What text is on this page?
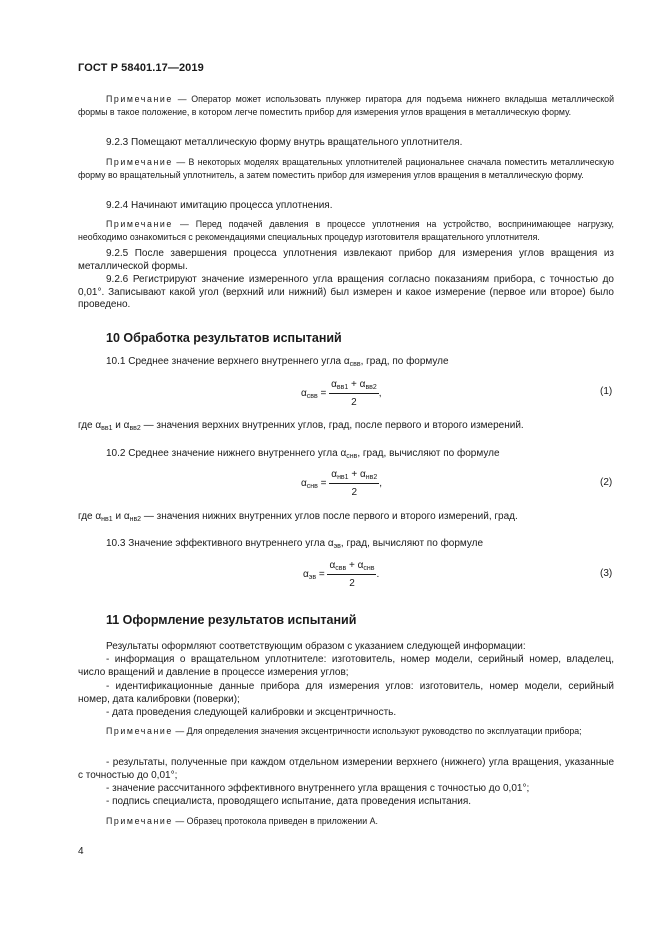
ГОСТ Р 58401.17—2019
Примечание — Оператор может использовать плунжер гиратора для подъема нижнего вкладыша металлической формы в такое положение, в котором легче поместить прибор для измерения углов вращения в металлическую форму.
9.2.3 Помещают металлическую форму внутрь вращательного уплотнителя.
Примечание — В некоторых моделях вращательных уплотнителей рациональнее сначала поместить металлическую форму во вращательный уплотнитель, а затем поместить прибор для измерения углов вращения в металлическую форму.
9.2.4 Начинают имитацию процесса уплотнения.
Примечание — Перед подачей давления в процессе уплотнения на устройство, воспринимающее нагрузку, необходимо ознакомиться с рекомендациями специальных процедур изготовителя вращательного уплотнителя.
9.2.5 После завершения процесса уплотнения извлекают прибор для измерения углов вращения из металлической формы.
9.2.6 Регистрируют значение измеренного угла вращения согласно показаниям прибора, с точностью до 0,01°. Записывают какой угол (верхний или нижний) был измерен и какое измерение (первое или второе) было проведено.
10 Обработка результатов испытаний
10.1 Среднее значение верхнего внутреннего угла $\alpha_{свв}$, град, по формуле
$\alpha_{свв} = \frac{\alpha_{вв1} + \alpha_{вв2}}{2}$ ,	(1)
где $\alpha_{вв1}$ и $\alpha_{вв2}$ — значения верхних внутренних углов, град, после первого и второго измерений.
10.2 Среднее значение нижнего внутреннего угла $\alpha_{снв}$, град, вычисляют по формуле
$\alpha_{снв} = \frac{\alpha_{нв1} + \alpha_{нв2}}{2}$ ,	(2)
где $\alpha_{нв1}$ и $\alpha_{нв2}$ — значения нижних внутренних углов после первого и второго измерений, град.
10.3 Значение эффективного внутреннего угла $\alpha_{эв}$, град, вычисляют по формуле
$\alpha_{эв} = \frac{\alpha_{свв} + \alpha_{снв}}{2}$ .	(3)
11 Оформление результатов испытаний
Результаты оформляют соответствующим образом с указанием следующей информации:
- информация о вращательном уплотнителе: изготовитель, номер модели, серийный номер, владелец, число вращений и давление в процессе измерения углов;
- идентификационные данные прибора для измерения углов: изготовитель, номер модели, серийный номер, дата калибровки (поверки);
- дата проведения следующей калибровки и эксцентричность.
Примечание — Для определения значения эксцентричности используют руководство по эксплуатации прибора;
- результаты, полученные при каждом отдельном измерении верхнего (нижнего) угла вращения, указанные с точностью до 0,01°;
- значение рассчитанного эффективного внутреннего угла вращения с точностью до 0,01°;
- подпись специалиста, проводящего испытание, дата проведения испытания.
Примечание — Образец протокола приведен в приложении А.
4
